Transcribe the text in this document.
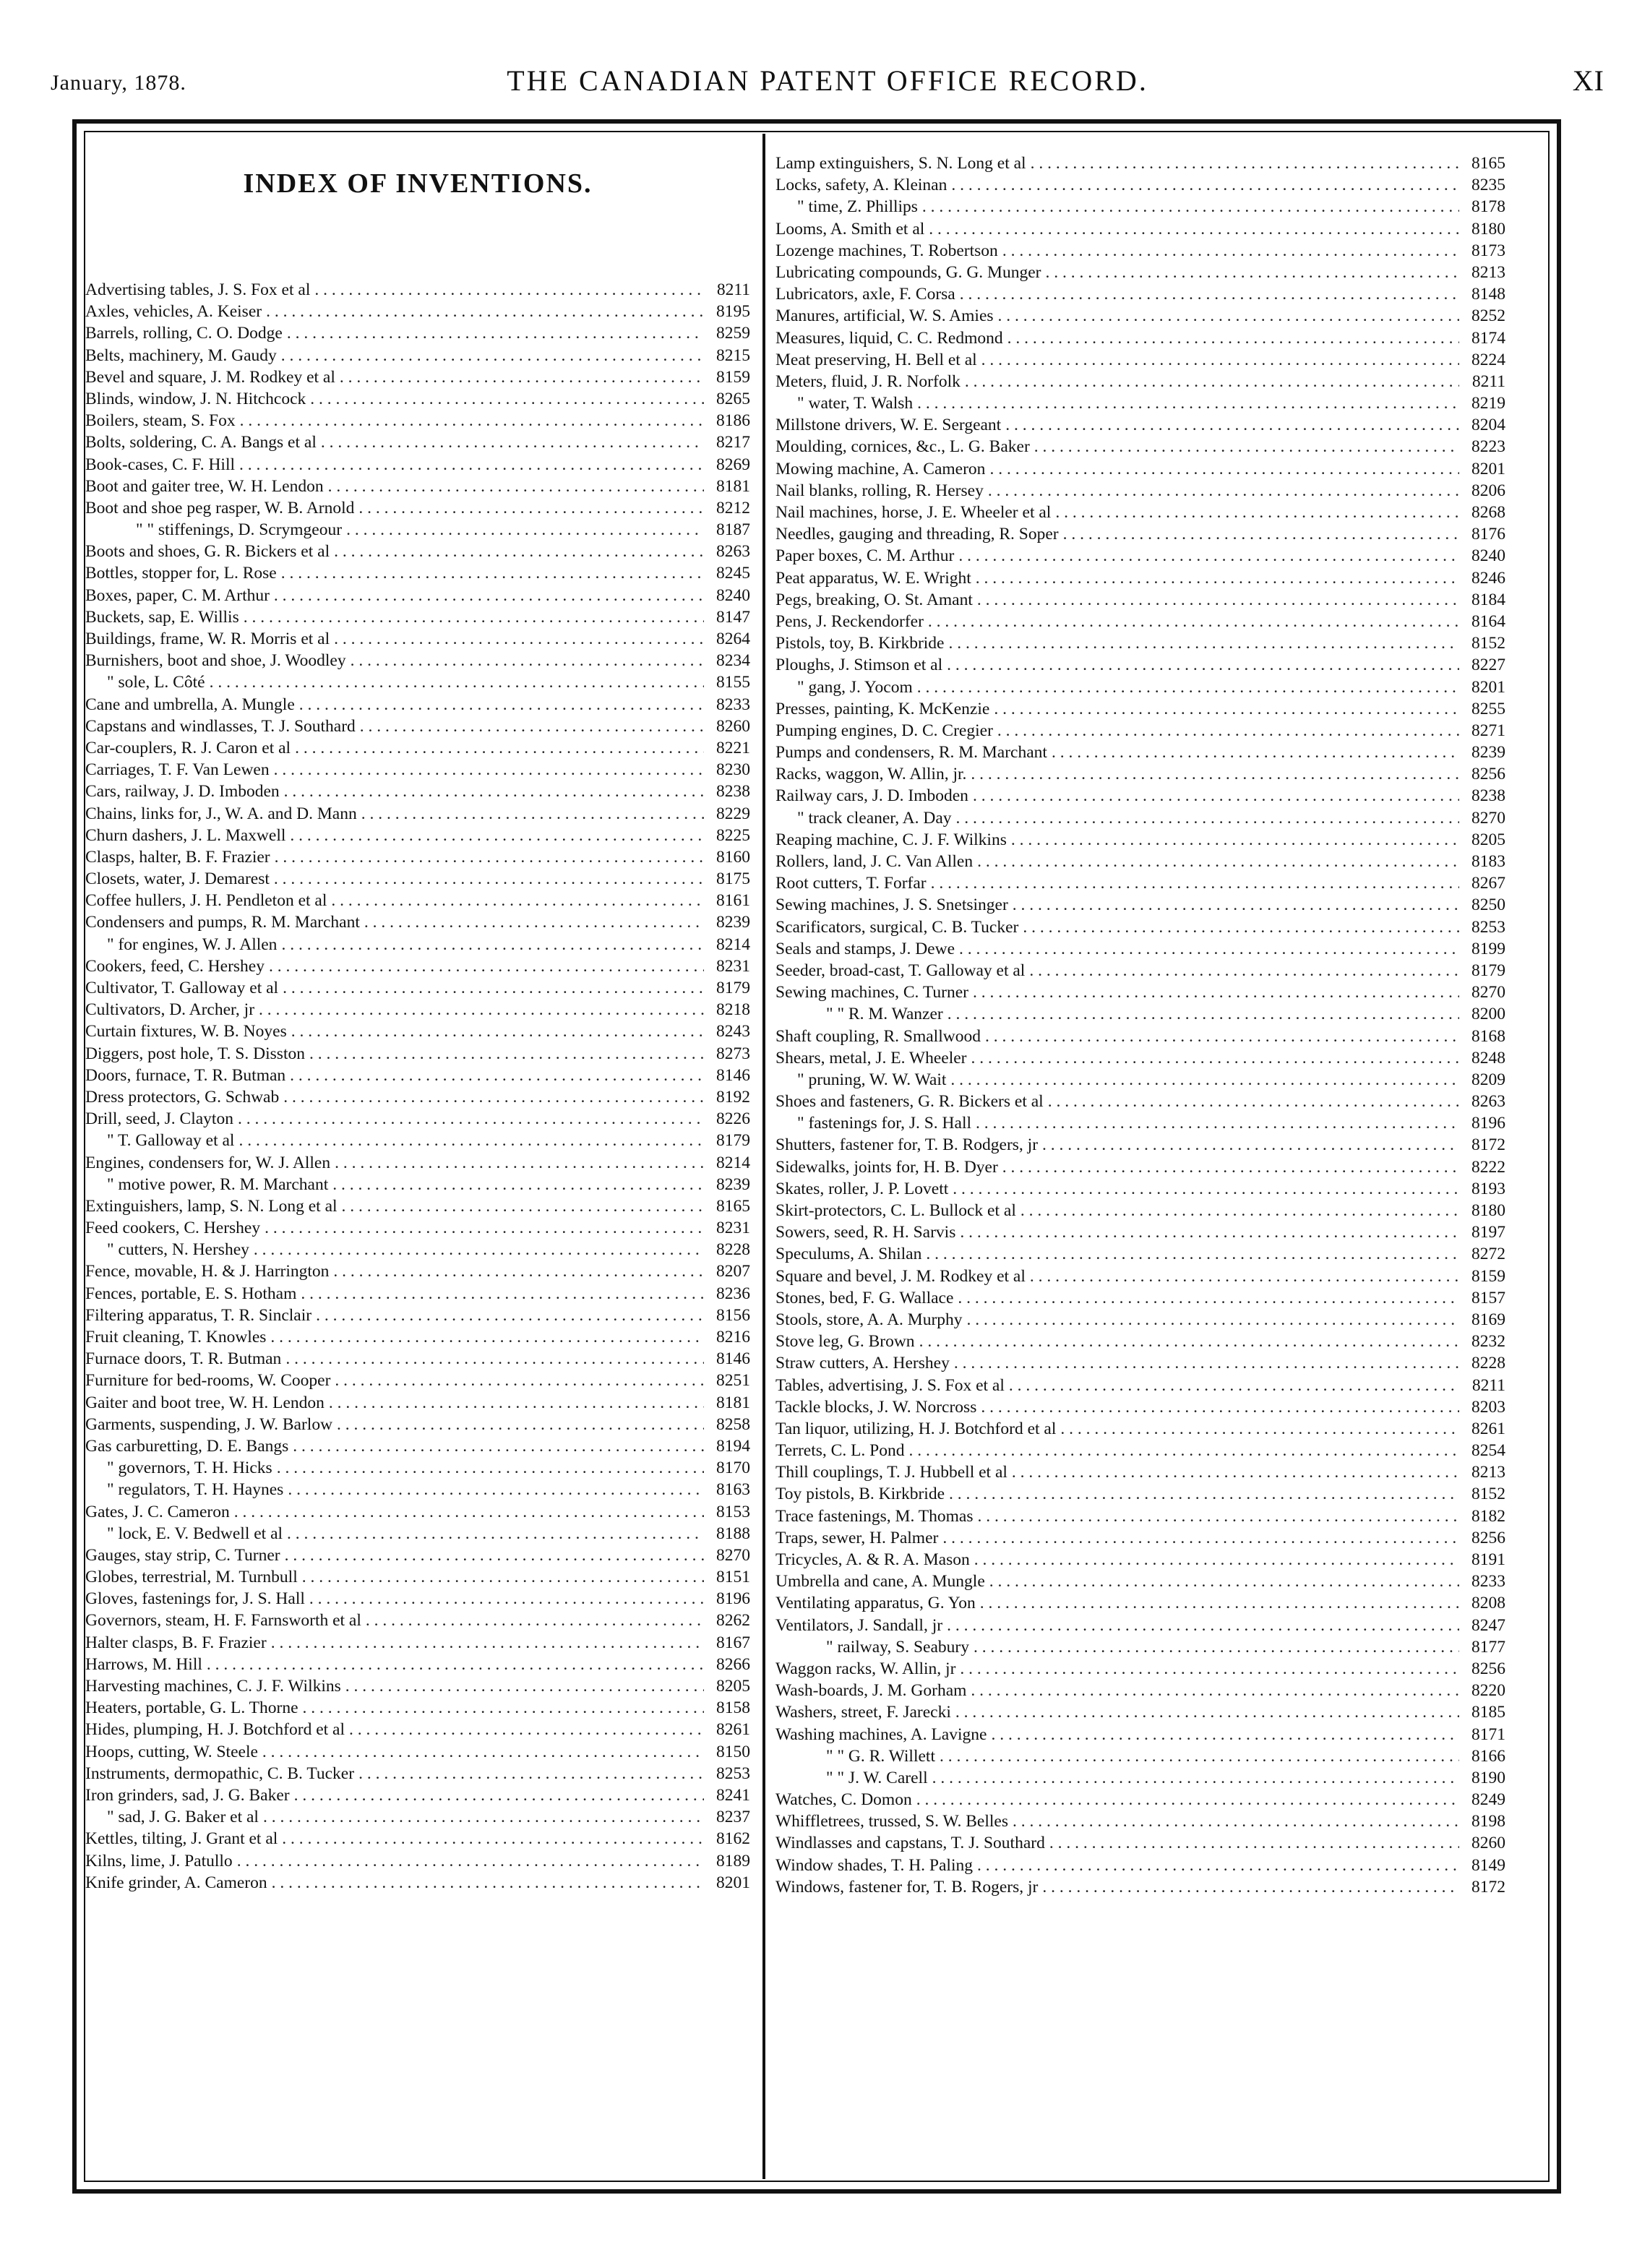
January, 1878.	THE CANADIAN PATENT OFFICE RECORD.	XI
INDEX OF INVENTIONS.
Advertising tables, J. S. Fox et al . . .	8211
Axles, vehicles, A. Keiser . . .	8195
Barrels, rolling, C. O. Dodge . . .	8259
Belts, machinery, M. Gaudy . . .	8215
Bevel and square, J. M. Rodkey et al . . .	8159
Blinds, window, J. N. Hitchcock . . .	8265
Boilers, steam, S. Fox . . .	8186
Bolts, soldering, C. A. Bangs et al . . .	8217
Book-cases, C. F. Hill . . .	8269
Boot and gaiter tree, W. H. Lendon . . .	8181
Boot and shoe peg rasper, W. B. Arnold . . .	8212
" " stiffenings, D. Scrymgeour . . .	8187
Boots and shoes, G. R. Bickers et al . . .	8263
Bottles, stopper for, L. Rose . . .	8245
Boxes, paper, C. M. Arthur . . .	8240
Buckets, sap, E. Willis . . .	8147
Buildings, frame, W. R. Morris et al . . .	8264
Burnishers, boot and shoe, J. Woodley . . .	8234
" sole, L. Côté . . .	8155
Cane and umbrella, A. Mungle . . .	8233
Capstans and windlasses, T. J. Southard . . .	8260
Car-couplers, R. J. Caron et al . . .	8221
Carriages, T. F. Van Lewen . . .	8230
Cars, railway, J. D. Imboden . . .	8238
Chains, links for, J., W. A. and D. Mann . . .	8229
Churn dashers, J. L. Maxwell . . .	8225
Clasps, halter, B. F. Frazier . . .	8160
Closets, water, J. Demarest . . .	8175
Coffee hullers, J. H. Pendleton et al . . .	8161
Condensers and pumps, R. M. Marchant . . .	8239
" for engines, W. J. Allen . . .	8214
Cookers, feed, C. Hershey . . .	8231
Cultivator, T. Galloway et al . . .	8179
Cultivators, D. Archer, jr . . .	8218
Curtain fixtures, W. B. Noyes . . .	8243
Diggers, post hole, T. S. Disston . . .	8273
Doors, furnace, T. R. Butman . . .	8146
Dress protectors, G. Schwab . . .	8192
Drill, seed, J. Clayton . . .	8226
" T. Galloway et al . . .	8179
Engines, condensers for, W. J. Allen . . .	8214
" motive power, R. M. Marchant . . .	8239
Extinguishers, lamp, S. N. Long et al . . .	8165
Feed cookers, C. Hershey . . .	8231
" cutters, N. Hershey . . .	8228
Fence, movable, H. & J. Harrington . . .	8207
Fences, portable, E. S. Hotham . . .	8236
Filtering apparatus, T. R. Sinclair . . .	8156
Fruit cleaning, T. Knowles . . .	8216
Furnace doors, T. R. Butman . . .	8146
Furniture for bed-rooms, W. Cooper . . .	8251
Gaiter and boot tree, W. H. Lendon . . .	8181
Garments, suspending, J. W. Barlow . . .	8258
Gas carburetting, D. E. Bangs . . .	8194
" governors, T. H. Hicks . . .	8170
" regulators, T. H. Haynes . . .	8163
Gates, J. C. Cameron . . .	8153
" lock, E. V. Bedwell et al . . .	8188
Gauges, stay strip, C. Turner . . .	8270
Globes, terrestrial, M. Turnbull . . .	8151
Gloves, fastenings for, J. S. Hall . . .	8196
Governors, steam, H. F. Farnsworth et al . . .	8262
Halter clasps, B. F. Frazier . . .	8167
Harrows, M. Hill . . .	8266
Harvesting machines, C. J. F. Wilkins . . .	8205
Heaters, portable, G. L. Thorne . . .	8158
Hides, plumping, H. J. Botchford et al . . .	8261
Hoops, cutting, W. Steele . . .	8150
Instruments, dermopathic, C. B. Tucker . . .	8253
Iron grinders, sad, J. G. Baker . . .	8241
" sad, J. G. Baker et al . . .	8237
Kettles, tilting, J. Grant et al . . .	8162
Kilns, lime, J. Patullo . . .	8189
Knife grinder, A. Cameron . . .	8201
Lamp extinguishers, S. N. Long et al . . .	8165
Locks, safety, A. Kleinan . . .	8235
" time, Z. Phillips . . .	8178
Looms, A. Smith et al . . .	8180
Lozenge machines, T. Robertson . . .	8173
Lubricating compounds, G. G. Munger . . .	8213
Lubricators, axle, F. Corsa . . .	8148
Manures, artificial, W. S. Amies . . .	8252
Measures, liquid, C. C. Redmond . . .	8174
Meat preserving, H. Bell et al . . .	8224
Meters, fluid, J. R. Norfolk . . .	8211
" water, T. Walsh . . .	8219
Millstone drivers, W. E. Sergeant . . .	8204
Moulding, cornices, &c., L. G. Baker . . .	8223
Mowing machine, A. Cameron . . .	8201
Nail blanks, rolling, R. Hersey . . .	8206
Nail machines, horse, J. E. Wheeler et al . . .	8268
Needles, gauging and threading, R. Soper . . .	8176
Paper boxes, C. M. Arthur . . .	8240
Peat apparatus, W. E. Wright . . .	8246
Pegs, breaking, O. St. Amant . . .	8184
Pens, J. Reckendorfer . . .	8164
Pistols, toy, B. Kirkbride . . .	8152
Ploughs, J. Stimson et al . . .	8227
" gang, J. Yocom . . .	8201
Presses, painting, K. McKenzie . . .	8255
Pumping engines, D. C. Cregier . . .	8271
Pumps and condensers, R. M. Marchant . . .	8239
Racks, waggon, W. Allin, jr. . . .	8256
Railway cars, J. D. Imboden . . .	8238
" track cleaner, A. Day . . .	8270
Reaping machine, C. J. F. Wilkins . . .	8205
Rollers, land, J. C. Van Allen . . .	8183
Root cutters, T. Forfar . . .	8267
Sewing machines, J. S. Snetsinger . . .	8250
Scarificators, surgical, C. B. Tucker . . .	8253
Seals and stamps, J. Dewe . . .	8199
Seeder, broad-cast, T. Galloway et al . . .	8179
Sewing machines, C. Turner . . .	8270
" " R. M. Wanzer . . .	8200
Shaft coupling, R. Smallwood . . .	8168
Shears, metal, J. E. Wheeler . . .	8248
" pruning, W. W. Wait . . .	8209
Shoes and fasteners, G. R. Bickers et al . . .	8263
" fastenings for, J. S. Hall . . .	8196
Shutters, fastener for, T. B. Rodgers, jr . . .	8172
Sidewalks, joints for, H. B. Dyer . . .	8222
Skates, roller, J. P. Lovett . . .	8193
Skirt-protectors, C. L. Bullock et al . . .	8180
Sowers, seed, R. H. Sarvis . . .	8197
Speculums, A. Shilan . . .	8272
Square and bevel, J. M. Rodkey et al . . .	8159
Stones, bed, F. G. Wallace . . .	8157
Stools, store, A. A. Murphy . . .	8169
Stove leg, G. Brown . . .	8232
Straw cutters, A. Hershey . . .	8228
Tables, advertising, J. S. Fox et al . . .	8211
Tackle blocks, J. W. Norcross . . .	8203
Tan liquor, utilizing, H. J. Botchford et al . . .	8261
Terrets, C. L. Pond . . .	8254
Thill couplings, T. J. Hubbell et al . . .	8213
Toy pistols, B. Kirkbride . . .	8152
Trace fastenings, M. Thomas . . .	8182
Traps, sewer, H. Palmer . . .	8256
Tricycles, A. & R. A. Mason . . .	8191
Umbrella and cane, A. Mungle . . .	8233
Ventilating apparatus, G. Yon . . .	8208
Ventilators, J. Sandall, jr . . .	8247
" railway, S. Seabury . . .	8177
Waggon racks, W. Allin, jr . . .	8256
Wash-boards, J. M. Gorham . . .	8220
Washers, street, F. Jarecki . . .	8185
Washing machines, A. Lavigne . . .	8171
" " G. R. Willett . . .	8166
" " J. W. Carell . . .	8190
Watches, C. Domon . . .	8249
Whiffletrees, trussed, S. W. Belles . . .	8198
Windlasses and capstans, T. J. Southard . . .	8260
Window shades, T. H. Paling . . .	8149
Windows, fastener for, T. B. Rogers, jr . . .	8172
